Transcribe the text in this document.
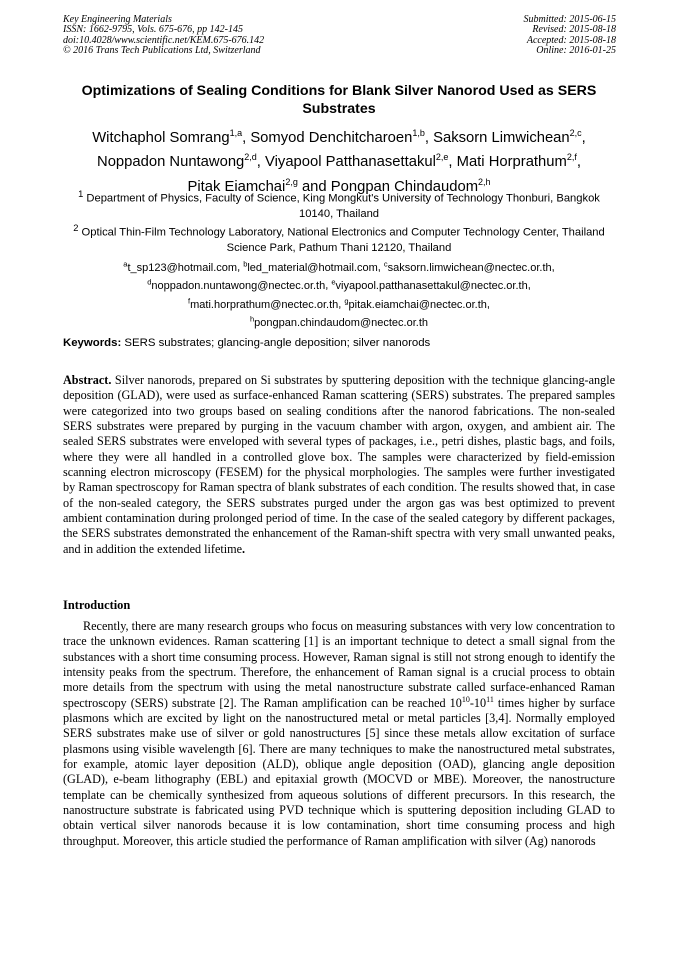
Key Engineering Materials
ISSN: 1662-9795, Vols. 675-676, pp 142-145
doi:10.4028/www.scientific.net/KEM.675-676.142
© 2016 Trans Tech Publications Ltd, Switzerland
Submitted: 2015-06-15
Revised: 2015-08-18
Accepted: 2015-08-18
Online: 2016-01-25
Optimizations of Sealing Conditions for Blank Silver Nanorod Used as SERS Substrates
Witchaphol Somrang$^{1,a}$, Somyod Denchitcharoen$^{1,b}$, Saksorn Limwichean$^{2,c}$,
Noppadon Nuntawong$^{2,d}$, Viyapool Patthanasettakul$^{2,e}$, Mati Horprathum$^{2,f}$,
Pitak Eiamchai$^{2,g}$ and Pongpan Chindaudom$^{2,h}$
$^1$ Department of Physics, Faculty of Science, King Mongkut's University of Technology Thonburi, Bangkok 10140, Thailand
$^2$ Optical Thin-Film Technology Laboratory, National Electronics and Computer Technology Center, Thailand Science Park, Pathum Thani 12120, Thailand
$^a$t_sp123@hotmail.com, $^b$led_material@hotmail.com, $^c$saksorn.limwichean@nectec.or.th,
$^d$noppadon.nuntawong@nectec.or.th, $^e$viyapool.patthanasettakul@nectec.or.th,
$^f$mati.horprathum@nectec.or.th, $^g$pitak.eiamchai@nectec.or.th,
$^h$pongpan.chindaudom@nectec.or.th
Keywords: SERS substrates; glancing-angle deposition; silver nanorods
Abstract. Silver nanorods, prepared on Si substrates by sputtering deposition with the technique glancing-angle deposition (GLAD), were used as surface-enhanced Raman scattering (SERS) substrates. The prepared samples were categorized into two groups based on sealing conditions after the nanorod fabrications. The non-sealed SERS substrates were prepared by purging in the vacuum chamber with argon, oxygen, and ambient air. The sealed SERS substrates were enveloped with several types of packages, i.e., petri dishes, plastic bags, and foils, where they were all handled in a controlled glove box. The samples were characterized by field-emission scanning electron microscopy (FESEM) for the physical morphologies. The samples were further investigated by Raman spectroscopy for Raman spectra of blank substrates of each condition. The results showed that, in case of the non-sealed category, the SERS substrates purged under the argon gas was best optimized to prevent ambient contamination during prolonged period of time. In the case of the sealed category by different packages, the SERS substrates demonstrated the enhancement of the Raman-shift spectra with very small unwanted peaks, and in addition the extended lifetime.
Introduction
Recently, there are many research groups who focus on measuring substances with very low concentration to trace the unknown evidences. Raman scattering [1] is an important technique to detect a small signal from the substances with a short time consuming process. However, Raman signal is still not strong enough to identify the intensity peaks from the spectrum. Therefore, the enhancement of Raman signal is a crucial process to obtain more details from the spectrum with using the metal nanostructure substrate called surface-enhanced Raman spectroscopy (SERS) substrate [2]. The Raman amplification can be reached $10^{10}-10^{11}$ times higher by surface plasmons which are excited by light on the nanostructured metal or metal particles [3,4]. Normally employed SERS substrates make use of silver or gold nanostructures [5] since these metals allow excitation of surface plasmons using visible wavelength [6]. There are many techniques to make the nanostructured metal substrates, for example, atomic layer deposition (ALD), oblique angle deposition (OAD), glancing angle deposition (GLAD), e-beam lithography (EBL) and epitaxial growth (MOCVD or MBE). Moreover, the nanostructure template can be chemically synthesized from aqueous solutions of different precursors. In this research, the nanostructure substrate is fabricated using PVD technique which is sputtering deposition including GLAD to obtain vertical silver nanorods because it is low contamination, short time consuming process and high throughput. Moreover, this article studied the performance of Raman amplification with silver (Ag) nanorods
